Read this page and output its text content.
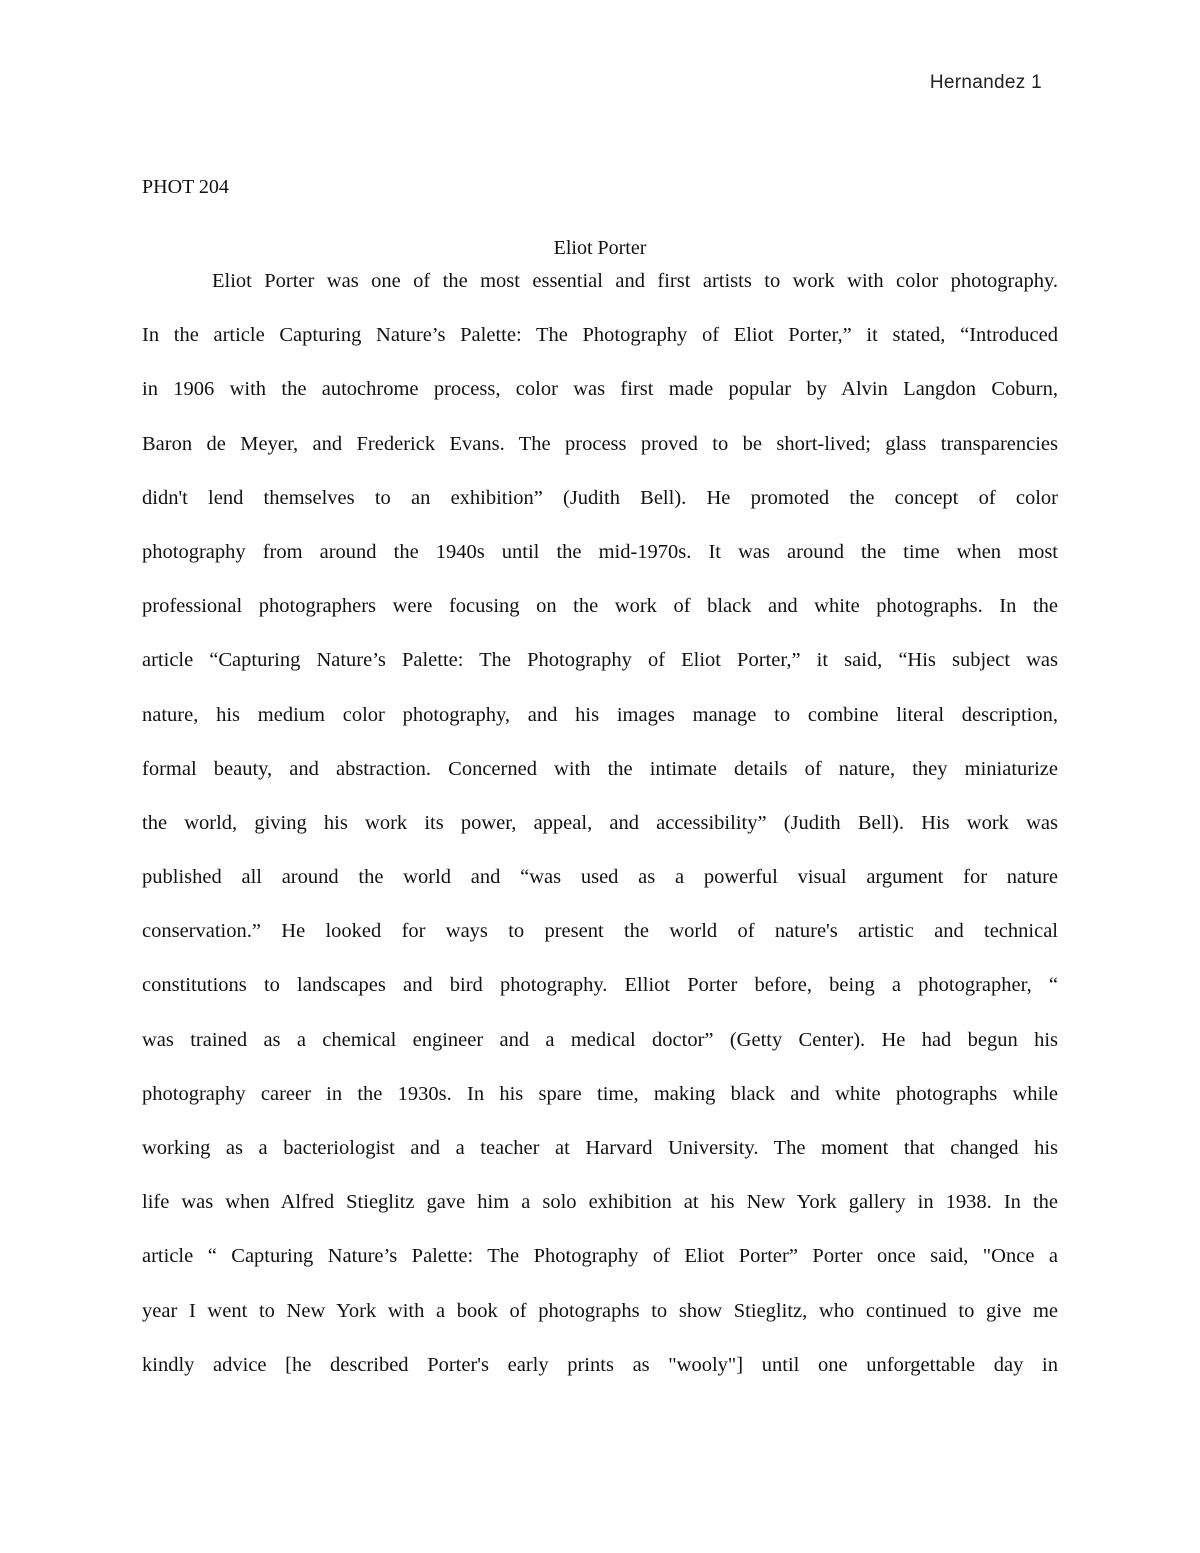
Hernandez 1
PHOT 204
Eliot Porter
Eliot Porter was one of the most essential and first artists to work with color photography.
In the article Capturing Nature’s Palette: The Photography of Eliot Porter,” it stated, “Introduced
in 1906 with the autochrome process, color was first made popular by Alvin Langdon Coburn,
Baron de Meyer, and Frederick Evans. The process proved to be short-lived; glass transparencies
didn't lend themselves to an exhibition” (Judith Bell). He promoted the concept of color
photography from around the 1940s until the mid-1970s. It was around the time when most
professional photographers were focusing on the work of black and white photographs. In the
article “Capturing Nature’s Palette: The Photography of Eliot Porter,” it said, “His subject was
nature, his medium color photography, and his images manage to combine literal description,
formal beauty, and abstraction. Concerned with the intimate details of nature, they miniaturize
the world, giving his work its power, appeal, and accessibility” (Judith Bell). His work was
published all around the world and “was used as a powerful visual argument for nature
conservation.” He looked for ways to present the world of nature's artistic and technical
constitutions to landscapes and bird photography. Elliot Porter before, being a photographer, “
was trained as a chemical engineer and a medical doctor” (Getty Center). He had begun his
photography career in the 1930s. In his spare time, making black and white photographs while
working as a bacteriologist and a teacher at Harvard University. The moment that changed his
life was when Alfred Stieglitz gave him a solo exhibition at his New York gallery in 1938. In the
article “ Capturing Nature’s Palette: The Photography of Eliot Porter” Porter once said, "Once a
year I went to New York with a book of photographs to show Stieglitz, who continued to give me
kindly advice [he described Porter's early prints as "wooly"] until one unforgettable day in
